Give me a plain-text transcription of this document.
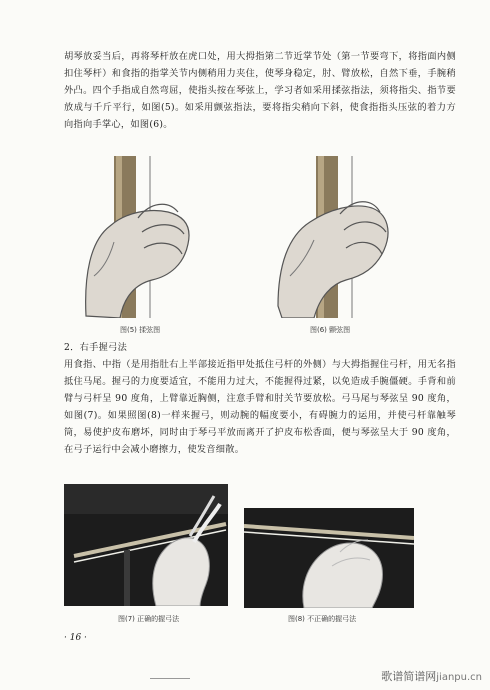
胡琴放妥当后，再将琴杆放在虎口处，用大拇指第二节近掌节处（第一节要弯下，将指面内侧扣住琴杆）和食指的指掌关节内侧稍用力夹住，使琴身稳定，肘、臂放松，自然下垂，手腕稍外凸。四个手指成自然弯屈，使指头按在琴弦上，学习者如采用揉弦指法，须将指尖、指节要放成与千斤平行，如图(5)。如采用颤弦指法，要将指尖稍向下斜，使食指指头压弦的着力方向指向手掌心，如图(6)。

图(5) 揉弦图	图(6) 颤弦图
2．右手握弓法

用食指、中指（是用指肚右上半部接近指甲处抵住弓杆的外侧）与大拇指握住弓杆，用无名指抵住马尾。握弓的力度要适宜，不能用力过大，不能握得过紧，以免造成手腕僵硬。手背和前臂与弓杆呈 90 度角，上臂靠近胸侧，注意手臂和肘关节要放松。弓马尾与琴弦呈 90 度角，如图(7)。如果照图(8)一样来握弓，则动腕的幅度要小，有碍腕力的运用，并使弓杆靠触琴筒，易使护皮布磨坏，同时由于琴弓平放而离开了护皮布松香面，便与琴弦呈大于 90 度角，在弓子运行中会减小磨擦力，使发音细散。

图(7) 正确的握弓法	图(8) 不正确的握弓法
· 16 ·
歌谱简谱网jianpu.cn
